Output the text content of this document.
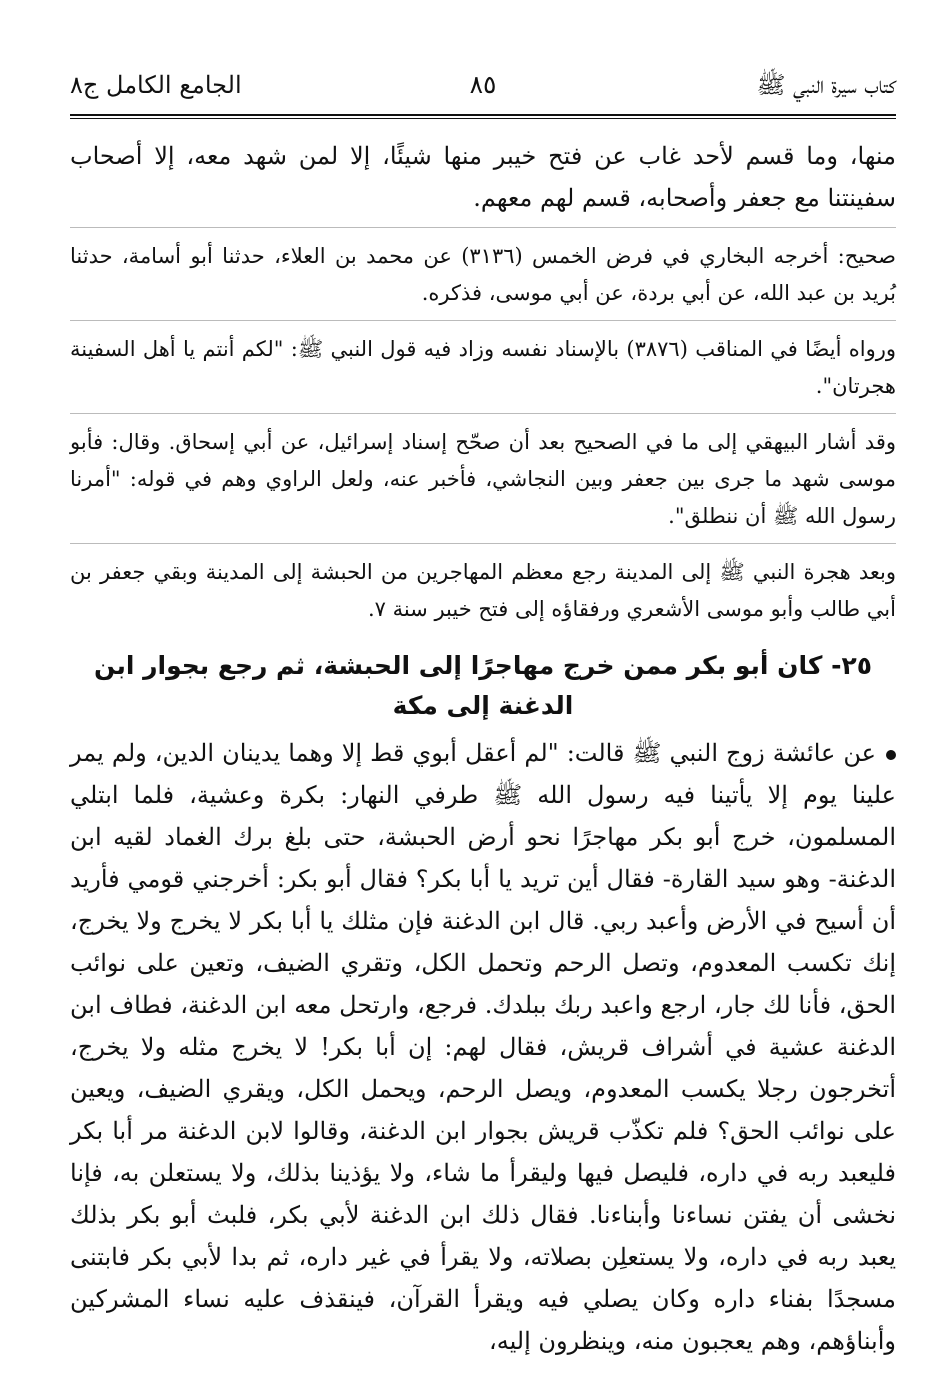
كتاب سيرة النبي ﷺ
٨٥
الجامع الكامل ج٨

منها، وما قسم لأحد غاب عن فتح خيبر منها شيئًا، إلا لمن شهد معه، إلا أصحاب سفينتنا مع جعفر وأصحابه، قسم لهم معهم.

صحيح: أخرجه البخاري في فرض الخمس (٣١٣٦) عن محمد بن العلاء، حدثنا أبو أسامة، حدثنا بُريد بن عبد الله، عن أبي بردة، عن أبي موسى، فذكره.

ورواه أيضًا في المناقب (٣٨٧٦) بالإسناد نفسه وزاد فيه قول النبي ﷺ: "لكم أنتم يا أهل السفينة هجرتان".

وقد أشار البيهقي إلى ما في الصحيح بعد أن صحّح إسناد إسرائيل، عن أبي إسحاق. وقال: فأبو موسى شهد ما جرى بين جعفر وبين النجاشي، فأخبر عنه، ولعل الراوي وهم في قوله: "أمرنا رسول الله ﷺ أن ننطلق".

وبعد هجرة النبي ﷺ إلى المدينة رجع معظم المهاجرين من الحبشة إلى المدينة وبقي جعفر بن أبي طالب وأبو موسى الأشعري ورفقاؤه إلى فتح خيبر سنة ٧.

٢٥- كان أبو بكر ممن خرج مهاجرًا إلى الحبشة، ثم رجع بجوار ابن الدغنة إلى مكة

عن عائشة زوج النبي ﷺ قالت: "لم أعقل أبوي قط إلا وهما يدينان الدين، ولم يمر علينا يوم إلا يأتينا فيه رسول الله ﷺ طرفي النهار: بكرة وعشية، فلما ابتلي المسلمون، خرج أبو بكر مهاجرًا نحو أرض الحبشة، حتى بلغ برك الغماد لقيه ابن الدغنة- وهو سيد القارة- فقال أين تريد يا أبا بكر؟ فقال أبو بكر: أخرجني قومي فأريد أن أسيح في الأرض وأعبد ربي. قال ابن الدغنة فإن مثلك يا أبا بكر لا يخرج ولا يخرج، إنك تكسب المعدوم، وتصل الرحم وتحمل الكل، وتقري الضيف، وتعين على نوائب الحق، فأنا لك جار، ارجع واعبد ربك ببلدك. فرجع، وارتحل معه ابن الدغنة، فطاف ابن الدغنة عشية في أشراف قريش، فقال لهم: إن أبا بكر! لا يخرج مثله ولا يخرج، أتخرجون رجلا يكسب المعدوم، ويصل الرحم، ويحمل الكل، ويقري الضيف، ويعين على نوائب الحق؟ فلم تكذّب قريش بجوار ابن الدغنة، وقالوا لابن الدغنة مر أبا بكر فليعبد ربه في داره، فليصل فيها وليقرأ ما شاء، ولا يؤذينا بذلك، ولا يستعلن به، فإنا نخشى أن يفتن نساءنا وأبناءنا. فقال ذلك ابن الدغنة لأبي بكر، فلبث أبو بكر بذلك يعبد ربه في داره، ولا يستعلِن بصلاته، ولا يقرأ في غير داره، ثم بدا لأبي بكر فابتنى مسجدًا بفناء داره وكان يصلي فيه ويقرأ القرآن، فينقذف عليه نساء المشركين وأبناؤهم، وهم يعجبون منه، وينظرون إليه،
